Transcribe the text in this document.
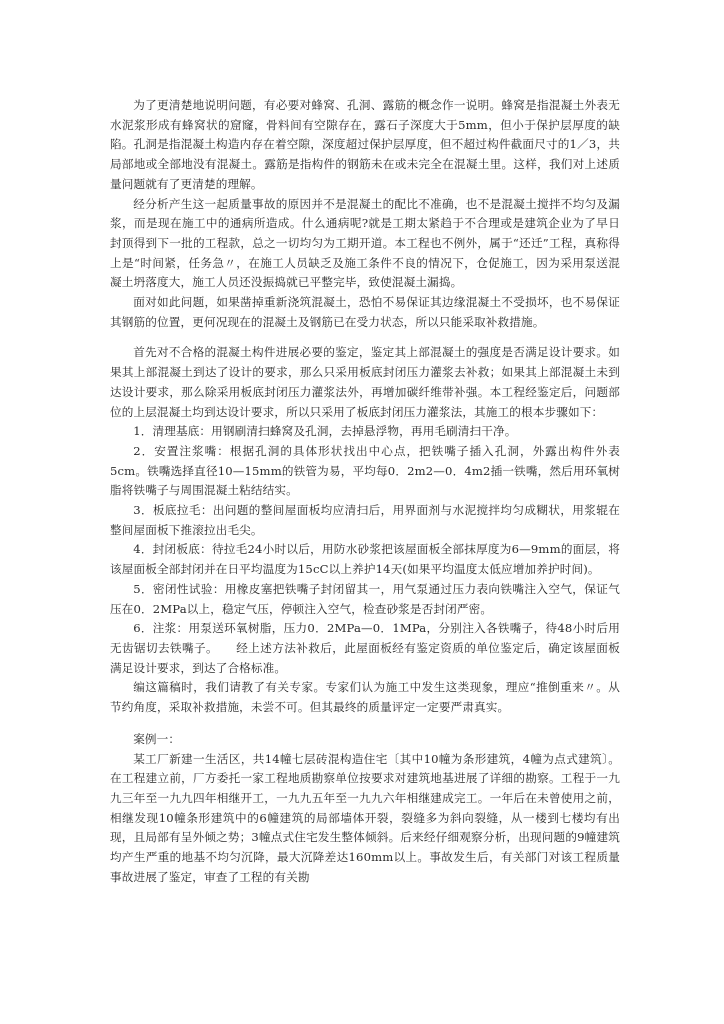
为了更清楚地说明问题，有必要对蜂窝、孔洞、露筋的概念作一说明。蜂窝是指混凝土外表无水泥浆形成有蜂窝状的窟窿，骨料间有空隙存在，露石子深度大于5mm，但小于保护层厚度的缺陷。孔洞是指混凝土构造内存在着空隙，深度超过保护层厚度，但不超过构件截面尺寸的1／3，共局部地或全部地没有混凝土。露筋是指构件的钢筋未在或未完全在混凝土里。这样，我们对上述质量问题就有了更清楚的理解。

经分析产生这一起质量事故的原因并不是混凝土的配比不准确，也不是混凝土搅拌不均匀及漏浆，而是现在施工中的通病所造成。什么通病呢?就是工期太紧趋于不合理或是建筑企业为了早日封顶得到下一批的工程款，总之一切均匀为工期开道。本工程也不例外，属于“还迁”工程，真称得上是“时间紧，任务急〃，在施工人员缺乏及施工条件不良的情况下，仓促施工，因为采用泵送混凝土坍落度大，施工人员还没振捣就已平整完毕，致使混凝土漏捣。

面对如此问题，如果凿掉重新浇筑混凝土，恐怕不易保证其边缘混凝土不受损坏，也不易保证其钢筋的位置，更何况现在的混凝土及钢筋已在受力状态，所以只能采取补救措施。

首先对不合格的混凝土构件进展必要的鉴定，鉴定其上部混凝土的强度是否满足设计要求。如果其上部混凝土到达了设计的要求，那么只采用板底封闭压力灌浆去补救；如果其上部混凝土未到达设计要求，那么除采用板底封闭压力灌浆法外，再增加碳纤维带补强。本工程经鉴定后，问题部位的上层混凝土均到达设计要求，所以只采用了板底封闭压力灌浆法，其施工的根本步骤如下：

1．清理基底：用钢刷清扫蜂窝及孔洞，去掉悬浮物，再用毛刷清扫干净。

2．安置注浆嘴：根据孔洞的具体形状找出中心点，把铁嘴子插入孔洞，外露出构件外表5cm。铁嘴选择直径10—15mm的铁管为易，平均每0．2m2—0．4m2插一铁嘴，然后用环氧树脂将铁嘴子与周围混凝土粘结结实。

3．板底拉毛：出问题的整间屋面板均应清扫后，用界面剂与水泥搅拌均匀成糊状，用浆辊在整间屋面板下推滚拉出毛尖。

4．封闭板底：待拉毛24小时以后，用防水砂浆把该屋面板全部抹厚度为6—9mm的面层，将该屋面板全部封闭并在日平均温度为15cC以上养护14天(如果平均温度太低应增加养护时间)。

5．密闭性试验：用橡皮塞把铁嘴子封闭留其一，用气泵通过压力表向铁嘴注入空气，保证气压在0．2MPa以上，稳定气压，停顿注入空气，检查砂浆是否封闭严密。

6．注浆：用泵送环氧树脂，压力0．2MPa—0．1MPa，分别注入各铁嘴子，待48小时后用无齿锯切去铁嘴子。　　经上述方法补救后，此屋面板经有鉴定资质的单位鉴定后，确定该屋面板满足设计要求，到达了合格标准。

编这篇稿时，我们请教了有关专家。专家们认为施工中发生这类现象，理应“推倒重来〃。从节约角度，采取补救措施，未尝不可。但其最终的质量评定一定要严肃真实。

案例一：

某工厂新建一生活区，共14幢七层砖混构造住宅〔其中10幢为条形建筑，4幢为点式建筑〕。在工程建立前，厂方委托一家工程地质勘察单位按要求对建筑地基进展了详细的勘察。工程于一九九三年至一九九四年相继开工，一九九五年至一九九六年相继建成完工。一年后在未曾使用之前，相继发现10幢条形建筑中的6幢建筑的局部墙体开裂，裂缝多为斜向裂缝，从一楼到七楼均有出现，且局部有呈外倾之势；3幢点式住宅发生整体倾斜。后来经仔细观察分析，出现问题的9幢建筑均产生严重的地基不均匀沉降，最大沉降差达160mm以上。事故发生后，有关部门对该工程质量事故进展了鉴定，审查了工程的有关勘
